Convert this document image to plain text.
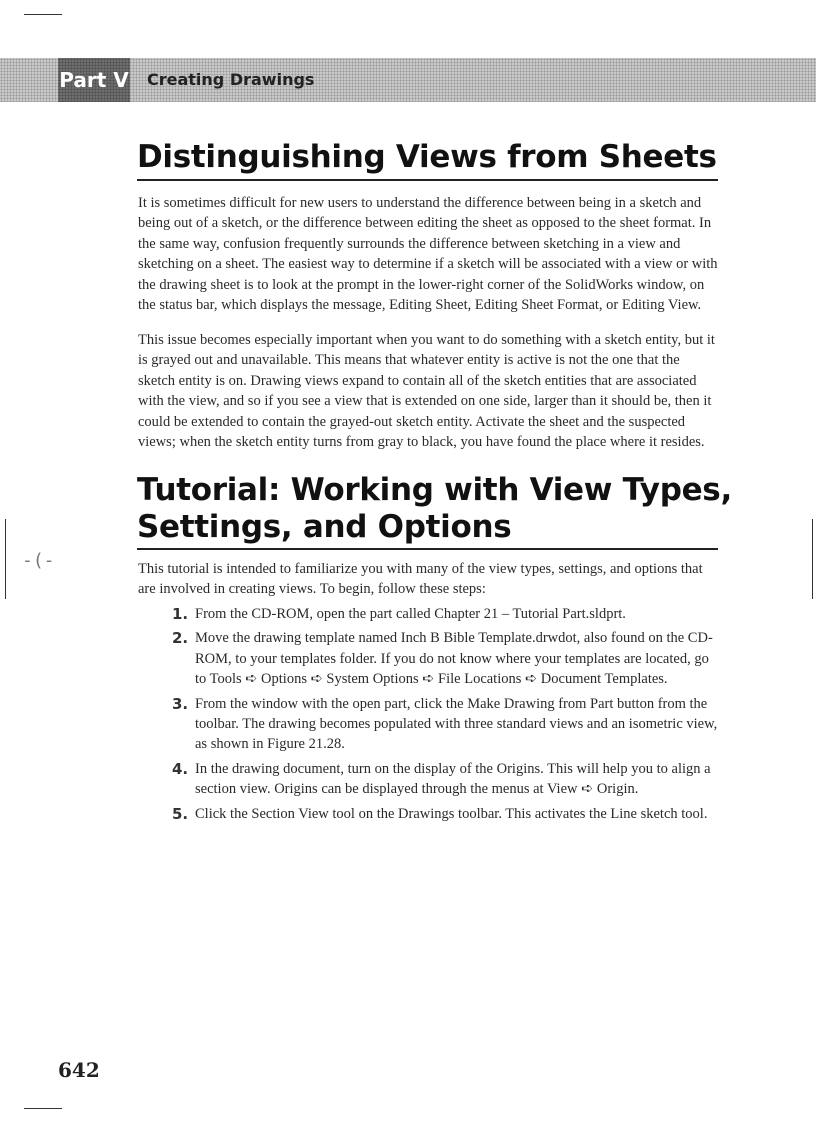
-(-
Part V Creating Drawings
Distinguishing Views from Sheets

It is sometimes difficult for new users to understand the difference between being in a sketch and being out of a sketch, or the difference between editing the sheet as opposed to the sheet format. In the same way, confusion frequently surrounds the difference between sketching in a view and sketching on a sheet. The easiest way to determine if a sketch will be associated with a view or with the drawing sheet is to look at the prompt in the lower-right corner of the SolidWorks window, on the status bar, which displays the message, Editing Sheet, Editing Sheet Format, or Editing View.

This issue becomes especially important when you want to do something with a sketch entity, but it is grayed out and unavailable. This means that whatever entity is active is not the one that the sketch entity is on. Drawing views expand to contain all of the sketch entities that are associated with the view, and so if you see a view that is extended on one side, larger than it should be, then it could be extended to contain the grayed-out sketch entity. Activate the sheet and the suspected views; when the sketch entity turns from gray to black, you have found the place where it resides.

Tutorial: Working with View Types,
Settings, and Options

This tutorial is intended to familiarize you with many of the view types, settings, and options that are involved in creating views. To begin, follow these steps:

1. From the CD-ROM, open the part called Chapter 21 – Tutorial Part.sldprt.
2. Move the drawing template named Inch B Bible Template.drwdot, also found on the CD-ROM, to your templates folder. If you do not know where your templates are located, go to Tools ➪ Options ➪ System Options ➪ File Locations ➪ Document Templates.
3. From the window with the open part, click the Make Drawing from Part button from the toolbar. The drawing becomes populated with three standard views and an isometric view, as shown in Figure 21.28.
4. In the drawing document, turn on the display of the Origins. This will help you to align a section view. Origins can be displayed through the menus at View ➪ Origin.
5. Click the Section View tool on the Drawings toolbar. This activates the Line sketch tool.
642
